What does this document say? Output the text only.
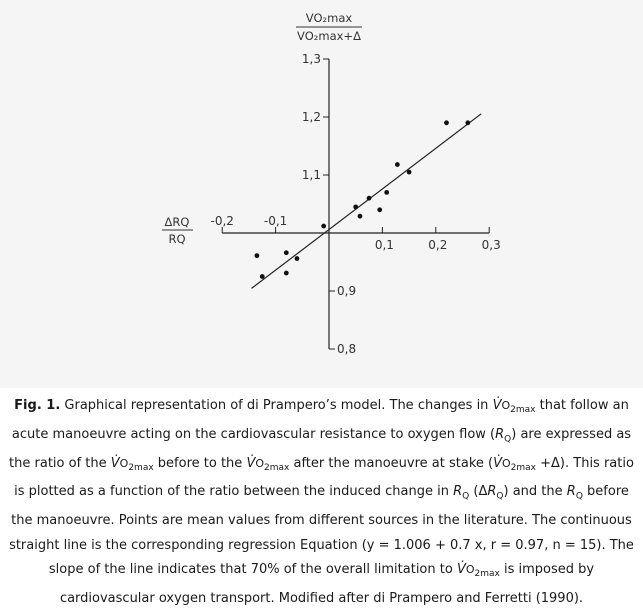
VO₂max
VO₂max+Δ
ΔRQ
RQ
-0,2 -0,1
0,1	0,2	0,3
0,8
0,9
1,1
1,2
1,3
Fig. 1. Graphical representation of di Prampero’s model. The changes in $V̇O_{2max}$ that follow an acute manoeuvre acting on the cardiovascular resistance to oxygen flow $(R_Q)$ are expressed as the ratio of the $V̇O_{2max}$ before to the $V̇O_{2max}$ after the manoeuvre at stake $(V̇O_{2max} +\Delta)$. This ratio is plotted as a function of the ratio between the induced change in $R_Q$ $(\Delta R_Q)$ and the $R_Q$ before the manoeuvre. Points are mean values from different sources in the literature. The continuous straight line is the corresponding regression Equation (y = 1.006 + 0.7 x, r = 0.97, n = 15). The slope of the line indicates that 70% of the overall limitation to $V̇O_{2max}$ is imposed by cardiovascular oxygen transport. Modified after di Prampero and Ferretti (1990).
